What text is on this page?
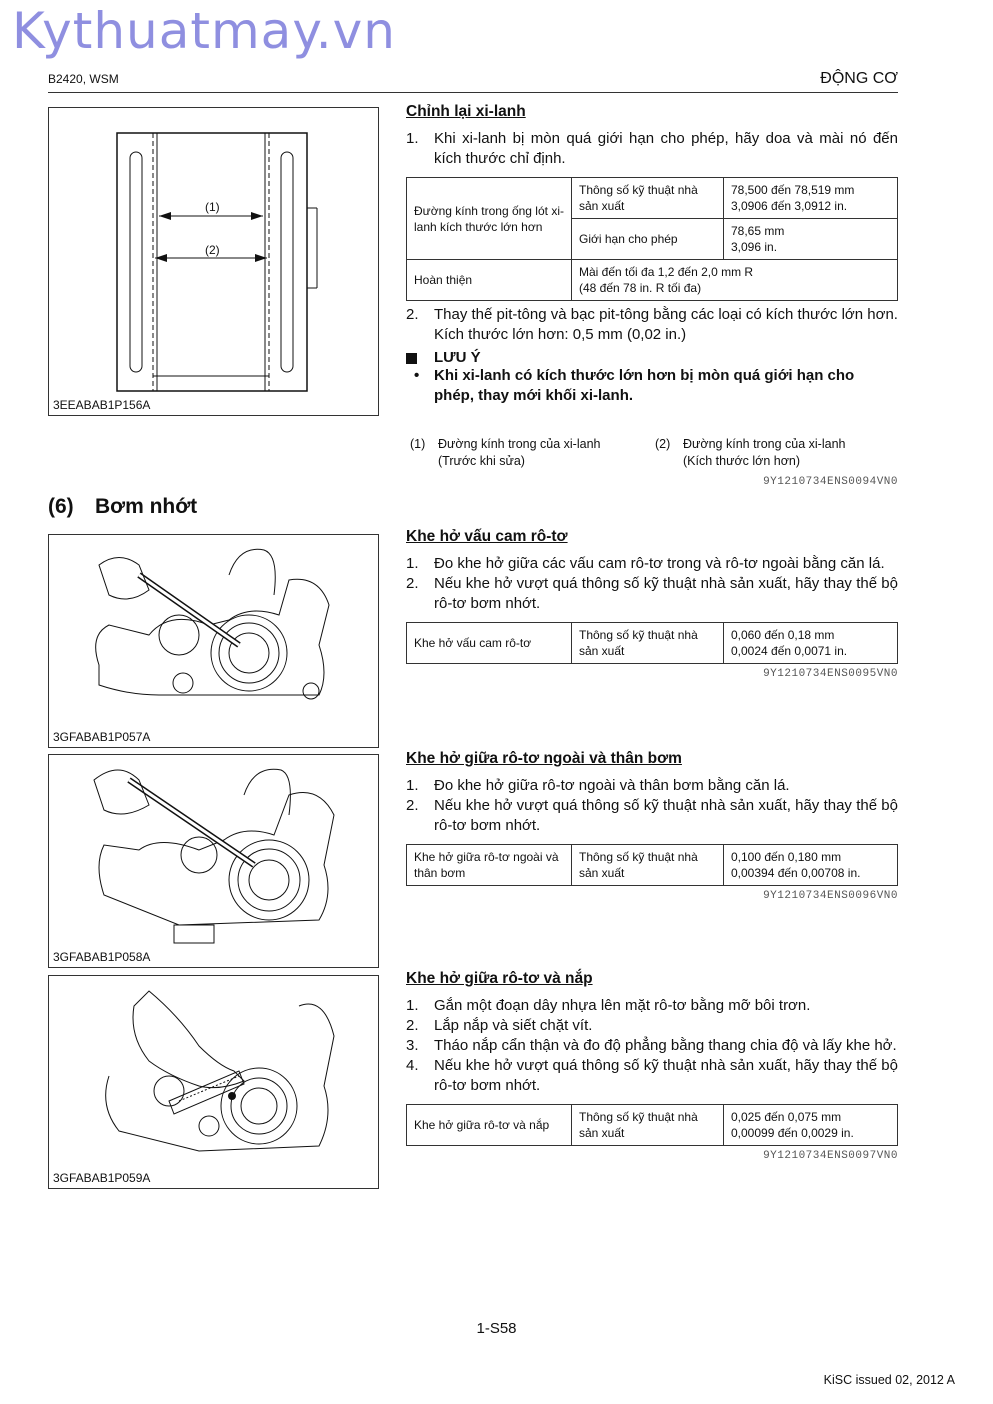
Kythuatmay.vn
B2420, WSM	ĐỘNG CƠ
(1)
(2)
3EEABAB1P156A
Chỉnh lại xi-lanh
1. Khi xi-lanh bị mòn quá giới hạn cho phép, hãy doa và mài nó đến kích thước chỉ định.
Đường kính trong ống lót xi-lanh kích thước lớn hơn	Thông số kỹ thuật nhà sản xuất	78,500 đến 78,519 mm
3,0906 đến 3,0912 in.
	Giới hạn cho phép	78,65 mm
3,096 in.
Hoàn thiện	Mài đến tối đa 1,2 đến 2,0 mm R
(48 đến 78 in. R tối đa)	
2. Thay thế pit-tông và bạc pit-tông bằng các loại có kích thước lớn hơn.
Kích thước lớn hơn: 0,5 mm (0,02 in.)
LƯU Ý
• Khi xi-lanh có kích thước lớn hơn bị mòn quá giới hạn cho phép, thay mới khối xi-lanh.
(1)	Đường kính trong của xi-lanh
(Trước khi sửa)
(2)	Đường kính trong của xi-lanh
(Kích thước lớn hơn)
9Y1210734ENS0094VN0
(6) Bơm nhớt
3GFABAB1P057A
Khe hở vấu cam rô-tơ
1. Đo khe hở giữa các vấu cam rô-tơ trong và rô-tơ ngoài bằng căn lá.
2. Nếu khe hở vượt quá thông số kỹ thuật nhà sản xuất, hãy thay thế bộ rô-tơ bơm nhớt.
Khe hở vấu cam rô-tơ	Thông số kỹ thuật nhà sản xuất	0,060 đến 0,18 mm
0,0024 đến 0,0071 in.
9Y1210734ENS0095VN0
3GFABAB1P058A
Khe hở giữa rô-tơ ngoài và thân bơm
1. Đo khe hở giữa rô-tơ ngoài và thân bơm bằng căn lá.
2. Nếu khe hở vượt quá thông số kỹ thuật nhà sản xuất, hãy thay thế bộ rô-tơ bơm nhớt.
Khe hở giữa rô-tơ ngoài và thân bơm	Thông số kỹ thuật nhà sản xuất	0,100 đến 0,180 mm
0,00394 đến 0,00708 in.
9Y1210734ENS0096VN0
3GFABAB1P059A
Khe hở giữa rô-tơ và nắp
1. Gắn một đoạn dây nhựa lên mặt rô-tơ bằng mỡ bôi trơn.
2. Lắp nắp và siết chặt vít.
3. Tháo nắp cẩn thận và đo độ phẳng bằng thang chia độ và lấy khe hở.
4. Nếu khe hở vượt quá thông số kỹ thuật nhà sản xuất, hãy thay thế bộ rô-tơ bơm nhớt.
Khe hở giữa rô-tơ và nắp	Thông số kỹ thuật nhà sản xuất	0,025 đến 0,075 mm
0,00099 đến 0,0029 in.
9Y1210734ENS0097VN0
1-S58
KiSC issued 02, 2012 A
